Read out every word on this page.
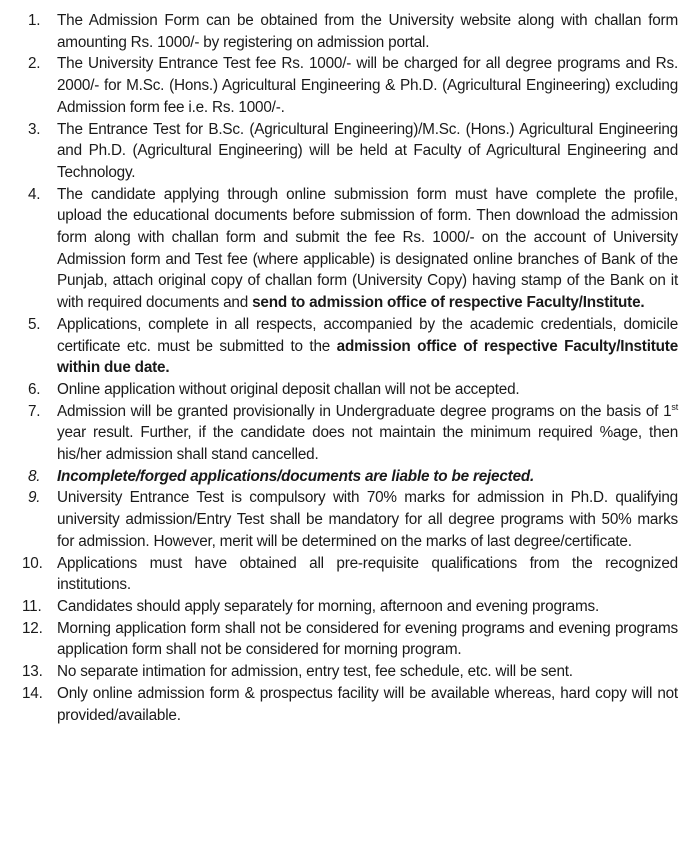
1.	The Admission Form can be obtained from the University website along with challan form amounting Rs. 1000/- by registering on admission portal.
2.	The University Entrance Test fee Rs. 1000/- will be charged for all degree programs and Rs. 2000/- for M.Sc. (Hons.) Agricultural Engineering & Ph.D. (Agricultural Engineering) excluding Admission form fee i.e. Rs. 1000/-.
3.	The Entrance Test for B.Sc. (Agricultural Engineering)/M.Sc. (Hons.) Agricultural Engineering and Ph.D. (Agricultural Engineering) will be held at Faculty of Agricultural Engineering and Technology.
4.	The candidate applying through online submission form must have complete the profile, upload the educational documents before submission of form. Then download the admission form along with challan form and submit the fee Rs. 1000/- on the account of University Admission form and Test fee (where applicable) is designated online branches of Bank of the Punjab, attach original copy of challan form (University Copy) having stamp of the Bank on it with required documents and send to admission office of respective Faculty/Institute.
5.	Applications, complete in all respects, accompanied by the academic credentials, domicile certificate etc. must be submitted to the admission office of respective Faculty/Institute within due date.
6.	Online application without original deposit challan will not be accepted.
7.	Admission will be granted provisionally in Undergraduate degree programs on the basis of 1st year result. Further, if the candidate does not maintain the minimum required %age, then his/her admission shall stand cancelled.
8.	Incomplete/forged applications/documents are liable to be rejected.
9.	University Entrance Test is compulsory with 70% marks for admission in Ph.D. qualifying university admission/Entry Test shall be mandatory for all degree programs with 50% marks for admission. However, merit will be determined on the marks of last degree/certificate.
10. Applications must have obtained all pre-requisite qualifications from the recognized institutions.
11.	Candidates should apply separately for morning, afternoon and evening programs.
12. Morning application form shall not be considered for evening programs and evening programs application form shall not be considered for morning program.
13. No separate intimation for admission, entry test, fee schedule, etc. will be sent.
14. Only online admission form & prospectus facility will be available whereas, hard copy will not provided/available.
